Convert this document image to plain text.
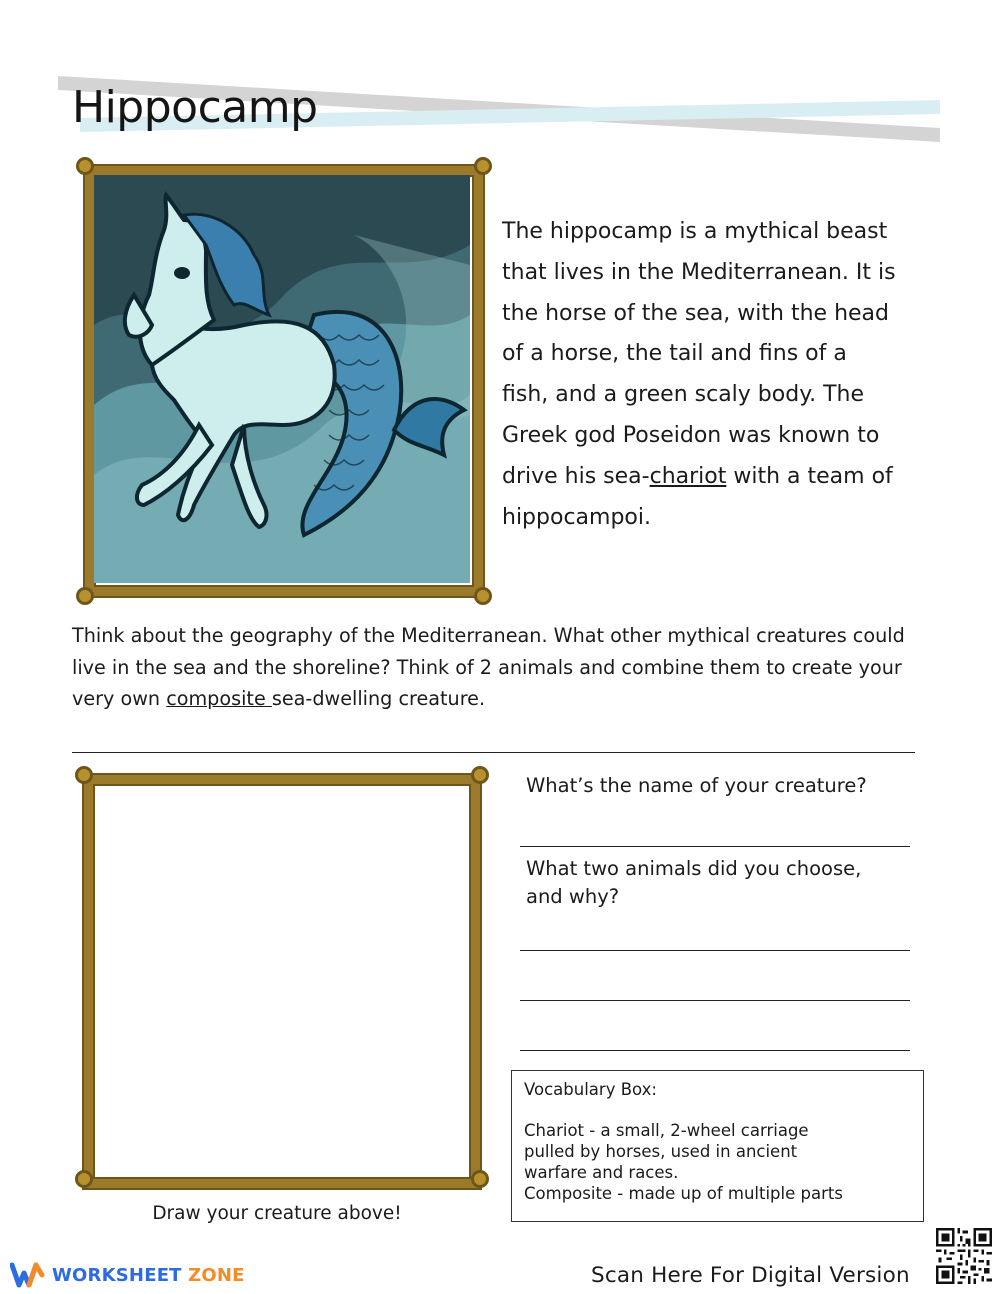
Hippocamp
The hippocamp is a mythical beast that lives in the Mediterranean. It is the horse of the sea, with the head of a horse, the tail and fins of a fish, and a green scaly body. The Greek god Poseidon was known to drive his sea-chariot with a team of hippocampoi.
Think about the geography of the Mediterranean. What other mythical creatures could live in the sea and the shoreline? Think of 2 animals and combine them to create your very own composite sea-dwelling creature.
Draw your creature above!
What’s the name of your creature?
What two animals did you choose, and why?
Vocabulary Box:
Chariot - a small, 2-wheel carriage pulled by horses, used in ancient warfare and races.
Composite - made up of multiple parts
WORKSHEET ZONE	Scan Here For Digital Version
